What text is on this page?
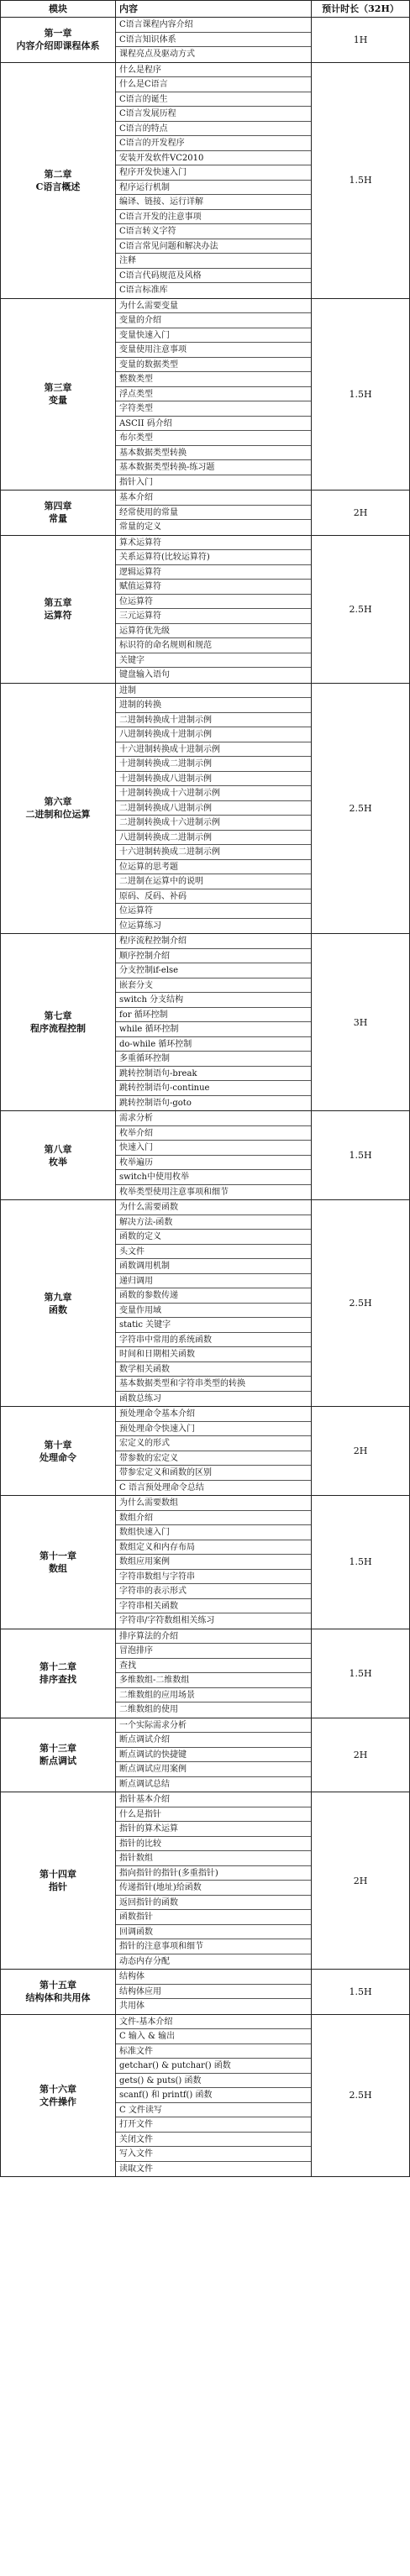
模块	内容	预计时长（32H）
第一章
内容介绍即课程体系
C语言课程内容介绍
C语言知识体系
课程亮点及驱动方式
1H
第二章
C语言概述
什么是程序
什么是C语言
C语言的诞生
C语言发展历程
C语言的特点
C语言的开发程序
安装开发软件VC2010
程序开发快速入门
程序运行机制
编译、链接、运行详解
C语言开发的注意事项
C语言转义字符
C语言常见问题和解决办法
注释
C语言代码规范及风格
C语言标准库
1.5H
第三章
变量
为什么需要变量
变量的介绍
变量快速入门
变量使用注意事项
变量的数据类型
整数类型
浮点类型
字符类型
ASCII 码介绍
布尔类型
基本数据类型转换
基本数据类型转换-练习题
指针入门
1.5H
第四章
常量
基本介绍
经常使用的常量
常量的定义
2H
第五章
运算符
算术运算符
关系运算符(比较运算符)
逻辑运算符
赋值运算符
位运算符
三元运算符
运算符优先级
标识符的命名规则和规范
关键字
键盘输入语句
2.5H
第六章
二进制和位运算
进制
进制的转换
二进制转换成十进制示例
八进制转换成十进制示例
十六进制转换成十进制示例
十进制转换成二进制示例
十进制转换成八进制示例
十进制转换成十六进制示例
二进制转换成八进制示例
二进制转换成十六进制示例
八进制转换成二进制示例
十六进制转换成二进制示例
位运算的思考题
二进制在运算中的说明
原码、反码、补码
位运算符
位运算练习
2.5H
第七章
程序流程控制
程序流程控制介绍
顺序控制介绍
分支控制if-else
嵌套分支
switch 分支结构
for 循环控制
while 循环控制
do-while 循环控制
多重循环控制
跳转控制语句-break
跳转控制语句-continue
跳转控制语句-goto
3H
第八章
枚举
需求分析
枚举介绍
快速入门
枚举遍历
switch中使用枚举
枚举类型使用注意事项和细节
1.5H
第九章
函数
为什么需要函数
解决方法-函数
函数的定义
头文件
函数调用机制
递归调用
函数的参数传递
变量作用域
static 关键字
字符串中常用的系统函数
时间和日期相关函数
数学相关函数
基本数据类型和字符串类型的转换
函数总练习
2.5H
第十章
处理命令
预处理命令基本介绍
预处理命令快速入门
宏定义的形式
带参数的宏定义
带参宏定义和函数的区别
C 语言预处理命令总结
2H
第十一章
数组
为什么需要数组
数组介绍
数组快速入门
数组定义和内存布局
数组应用案例
字符串数组与字符串
字符串的表示形式
字符串相关函数
字符串/字符数组相关练习
1.5H
第十二章
排序查找
排序算法的介绍
冒泡排序
查找
多维数组-二维数组
二维数组的应用场景
二维数组的使用
1.5H
第十三章
断点调试
一个实际需求分析
断点调试介绍
断点调试的快捷键
断点调试应用案例
断点调试总结
2H
第十四章
指针
指针基本介绍
什么是指针
指针的算术运算
指针的比较
指针数组
指向指针的指针(多重指针)
传递指针(地址)给函数
返回指针的函数
函数指针
回调函数
指针的注意事项和细节
动态内存分配
2H
第十五章
结构体和共用体
结构体
结构体应用
共用体
1.5H
第十六章
文件操作
文件-基本介绍
C 输入 & 输出
标准文件
getchar() & putchar() 函数
gets() & puts() 函数
scanf() 和 printf() 函数
C 文件读写
打开文件
关闭文件
写入文件
读取文件
2.5H
